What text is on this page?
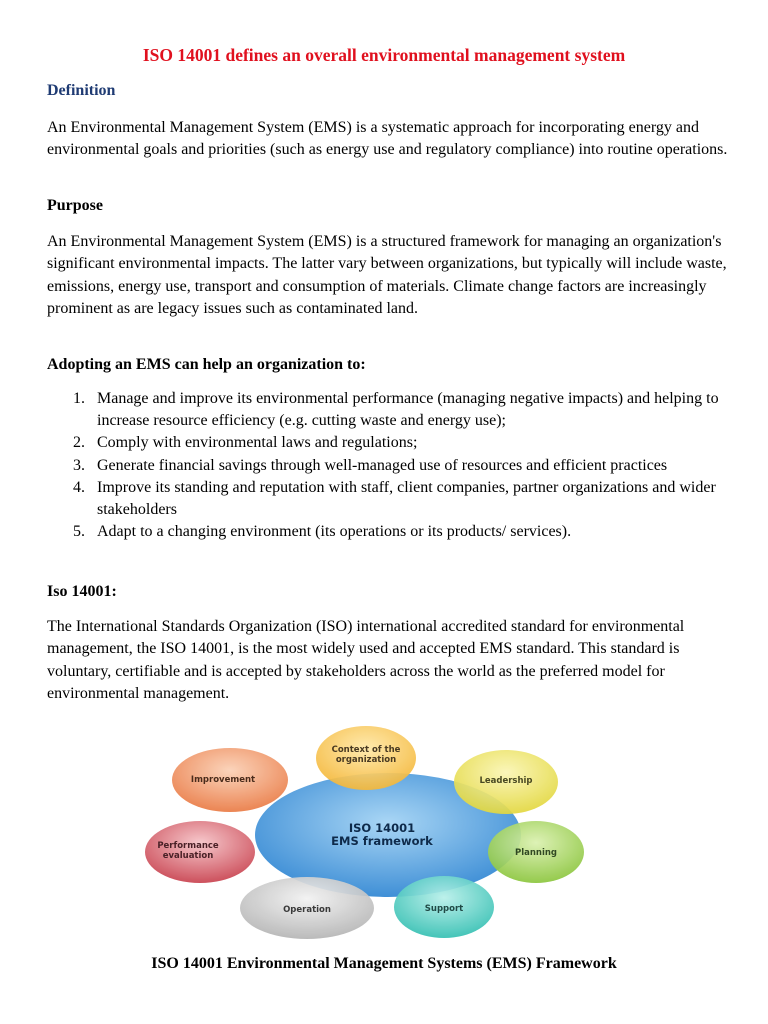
ISO 14001 defines an overall environmental management system
Definition
An Environmental Management System (EMS) is a systematic approach for incorporating energy and environmental goals and priorities (such as energy use and regulatory compliance) into routine operations.
Purpose
An Environmental Management System (EMS) is a structured framework for managing an organization's significant environmental impacts. The latter vary between organizations, but typically will include waste, emissions, energy use, transport and consumption of materials. Climate change factors are increasingly prominent as are legacy issues such as contaminated land.
Adopting an EMS can help an organization to:
1. Manage and improve its environmental performance (managing negative impacts) and helping to increase resource efficiency (e.g. cutting waste and energy use);
2. Comply with environmental laws and regulations;
3. Generate financial savings through well-managed use of resources and efficient practices
4. Improve its standing and reputation with staff, client companies, partner organizations and wider stakeholders
5. Adapt to a changing environment (its operations or its products/ services).
Iso 14001:
The International Standards Organization (ISO) international accredited standard for environmental management, the ISO 14001, is the most widely used and accepted EMS standard. This standard is voluntary, certifiable and is accepted by stakeholders across the world as the preferred model for environmental management.
ISO 14001
EMS framework
Context of the
organization
Leadership
Planning
Support
Operation
Performance
evaluation
Improvement
ISO 14001 Environmental Management Systems (EMS) Framework
